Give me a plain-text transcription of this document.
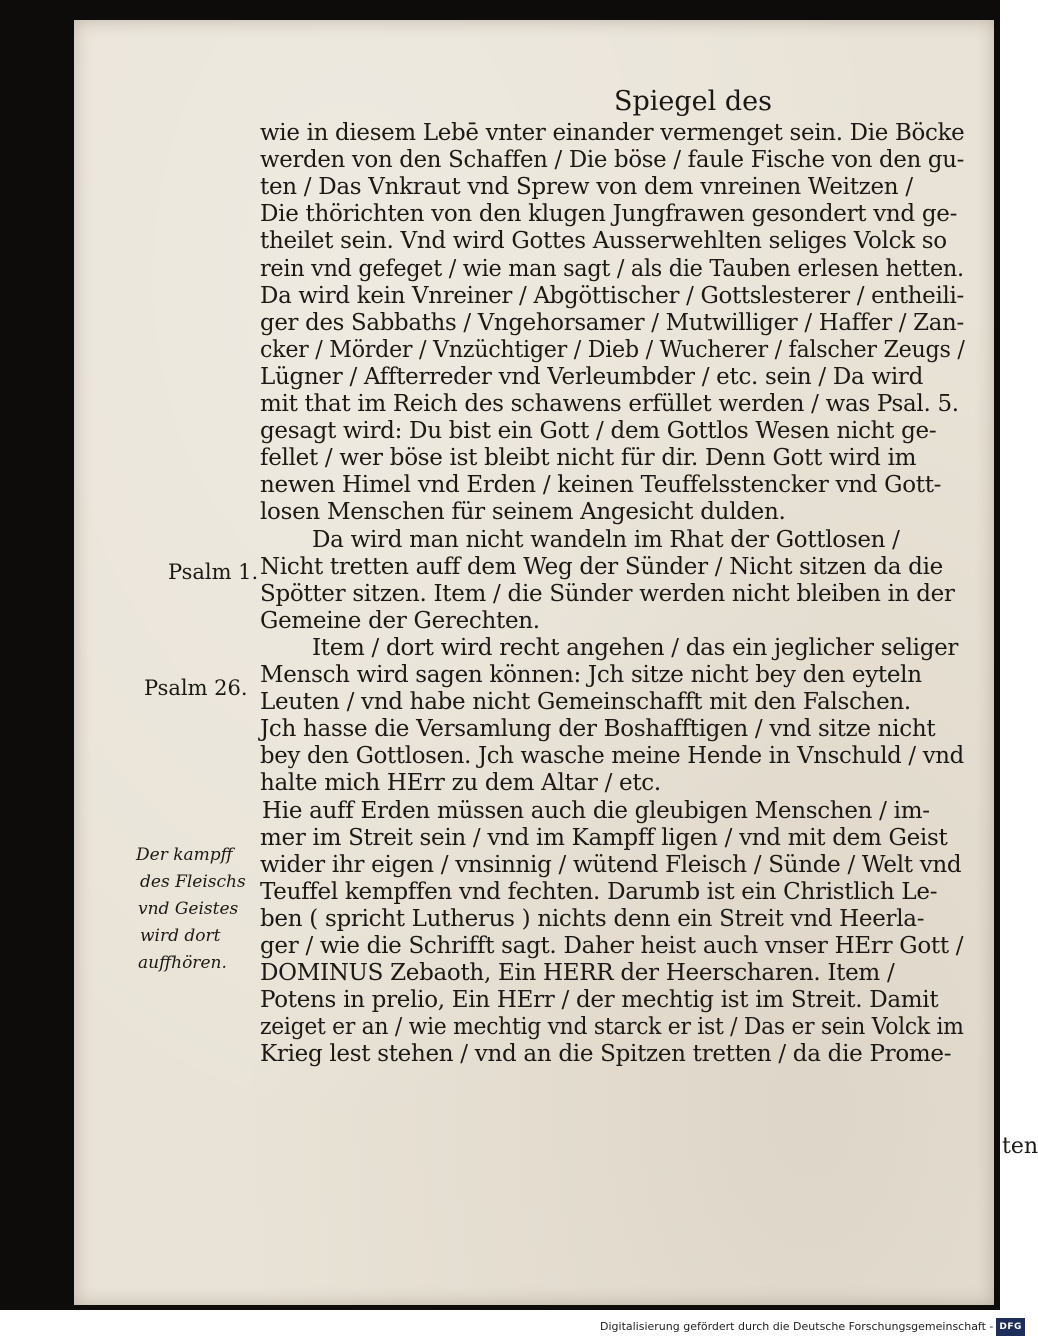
Spiegel des
wie in diesem Lebē vnter einander vermenget sein. Die Böcke
werden von den Schaffen / Die böse / faule Fische von den gu-
ten / Das Vnkraut vnd Sprew von dem vnreinen Weitzen /
Die thörichten von den klugen Jungfrawen gesondert vnd ge-
theilet sein. Vnd wird Gottes Ausserwehlten seliges Volck so
rein vnd gefeget / wie man sagt / als die Tauben erlesen hetten.
Da wird kein Vnreiner / Abgöttischer / Gottslesterer / entheili-
ger des Sabbaths / Vngehorsamer / Mutwilliger / Haffer / Zan-
cker / Mörder / Vnzüchtiger / Dieb / Wucherer / falscher Zeugs /
Lügner / Affterreder vnd Verleumbder / etc. sein / Da wird
mit that im Reich des schawens erfüllet werden / was Psal. 5.
gesagt wird: Du bist ein Gott / dem Gottlos Wesen nicht ge-
fellet / wer böse ist bleibt nicht für dir. Denn Gott wird im
newen Himel vnd Erden / keinen Teuffelsstencker vnd Gott-
losen Menschen für seinem Angesicht dulden.
Da wird man nicht wandeln im Rhat der Gottlosen /
Nicht tretten auff dem Weg der Sünder / Nicht sitzen da die
Spötter sitzen. Item / die Sünder werden nicht bleiben in der
Gemeine der Gerechten.
Item / dort wird recht angehen / das ein jeglicher seliger
Mensch wird sagen können: Jch sitze nicht bey den eyteln
Leuten / vnd habe nicht Gemeinschafft mit den Falschen.
Jch hasse die Versamlung der Boshafftigen / vnd sitze nicht
bey den Gottlosen. Jch wasche meine Hende in Vnschuld / vnd
halte mich HErr zu dem Altar / etc.
Hie auff Erden müssen auch die gleubigen Menschen / im-
mer im Streit sein / vnd im Kampff ligen / vnd mit dem Geist
wider ihr eigen / vnsinnig / wütend Fleisch / Sünde / Welt vnd
Teuffel kempffen vnd fechten. Darumb ist ein Christlich Le-
ben ( spricht Lutherus ) nichts denn ein Streit vnd Heerla-
ger / wie die Schrifft sagt. Daher heist auch vnser HErr Gott /
DOMINUS Zebaoth, Ein HERR der Heerscharen. Item /
Potens in prelio, Ein HErr / der mechtig ist im Streit. Damit
zeiget er an / wie mechtig vnd starck er ist / Das er sein Volck im
Krieg lest stehen / vnd an die Spitzen tretten / da die Prome-
Psalm 1.
Psalm 26.
Der kampff
des Fleischs
vnd Geistes
wird dort
auffhören.
ten
Digitalisierung gefördert durch die Deutsche Forschungsgemeinschaft - DFG
